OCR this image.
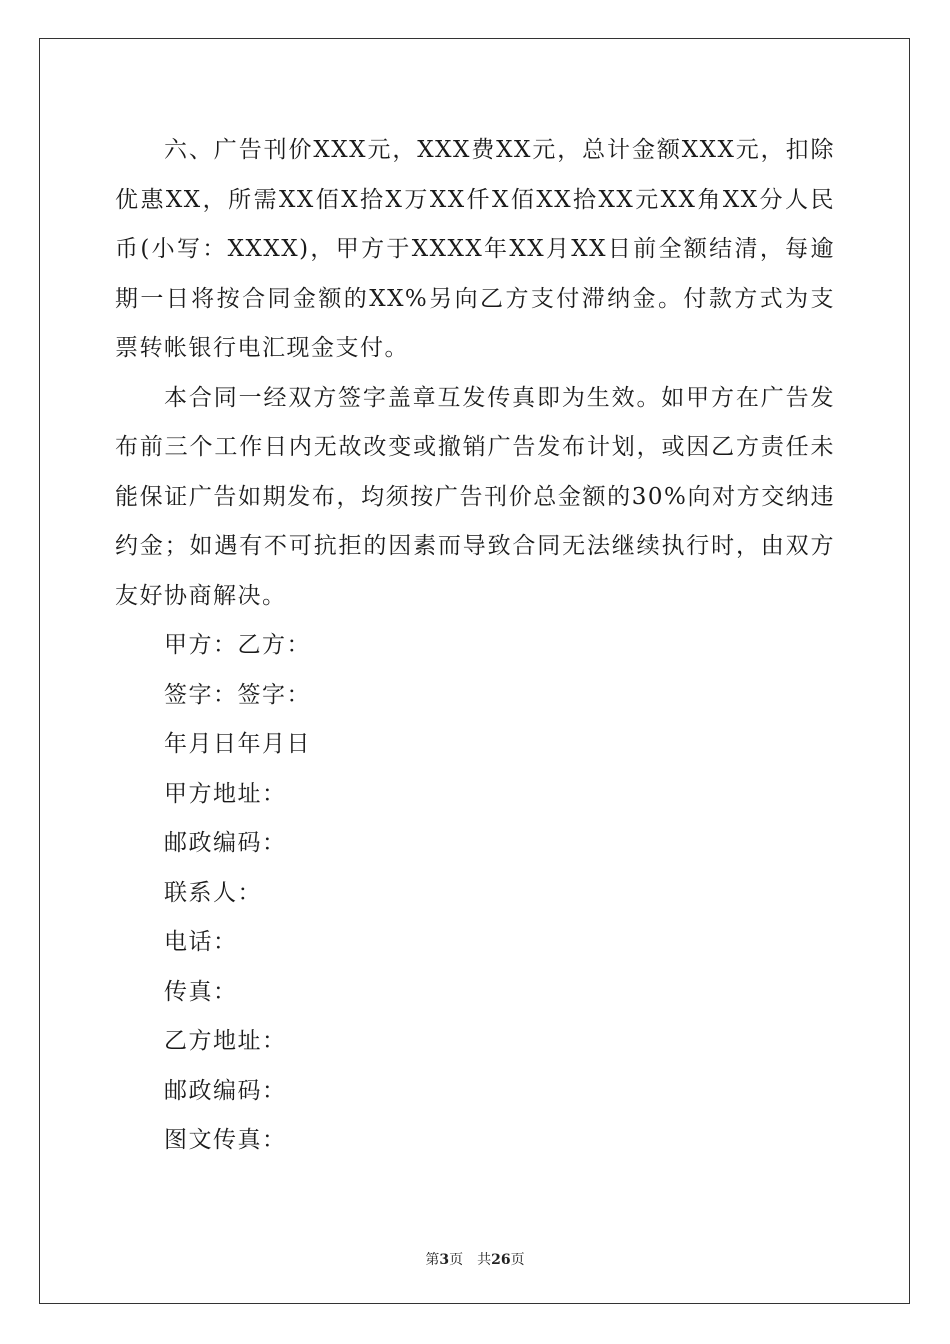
六、广告刊价XXX元，XXX费XX元，总计金额XXX元，扣除优惠XX，所需XX佰X拾X万XX仟X佰XX拾XX元XX角XX分人民币(小写：XXXX)，甲方于XXXX年XX月XX日前全额结清，每逾期一日将按合同金额的XX%另向乙方支付滞纳金。付款方式为支票转帐银行电汇现金支付。

本合同一经双方签字盖章互发传真即为生效。如甲方在广告发布前三个工作日内无故改变或撤销广告发布计划，或因乙方责任未能保证广告如期发布，均须按广告刊价总金额的30%向对方交纳违约金；如遇有不可抗拒的因素而导致合同无法继续执行时，由双方友好协商解决。

甲方：乙方：

签字：签字：

年月日年月日

甲方地址：

邮政编码：

联系人：

电话：

传真：

乙方地址：

邮政编码：

图文传真：

第3页 共26页
